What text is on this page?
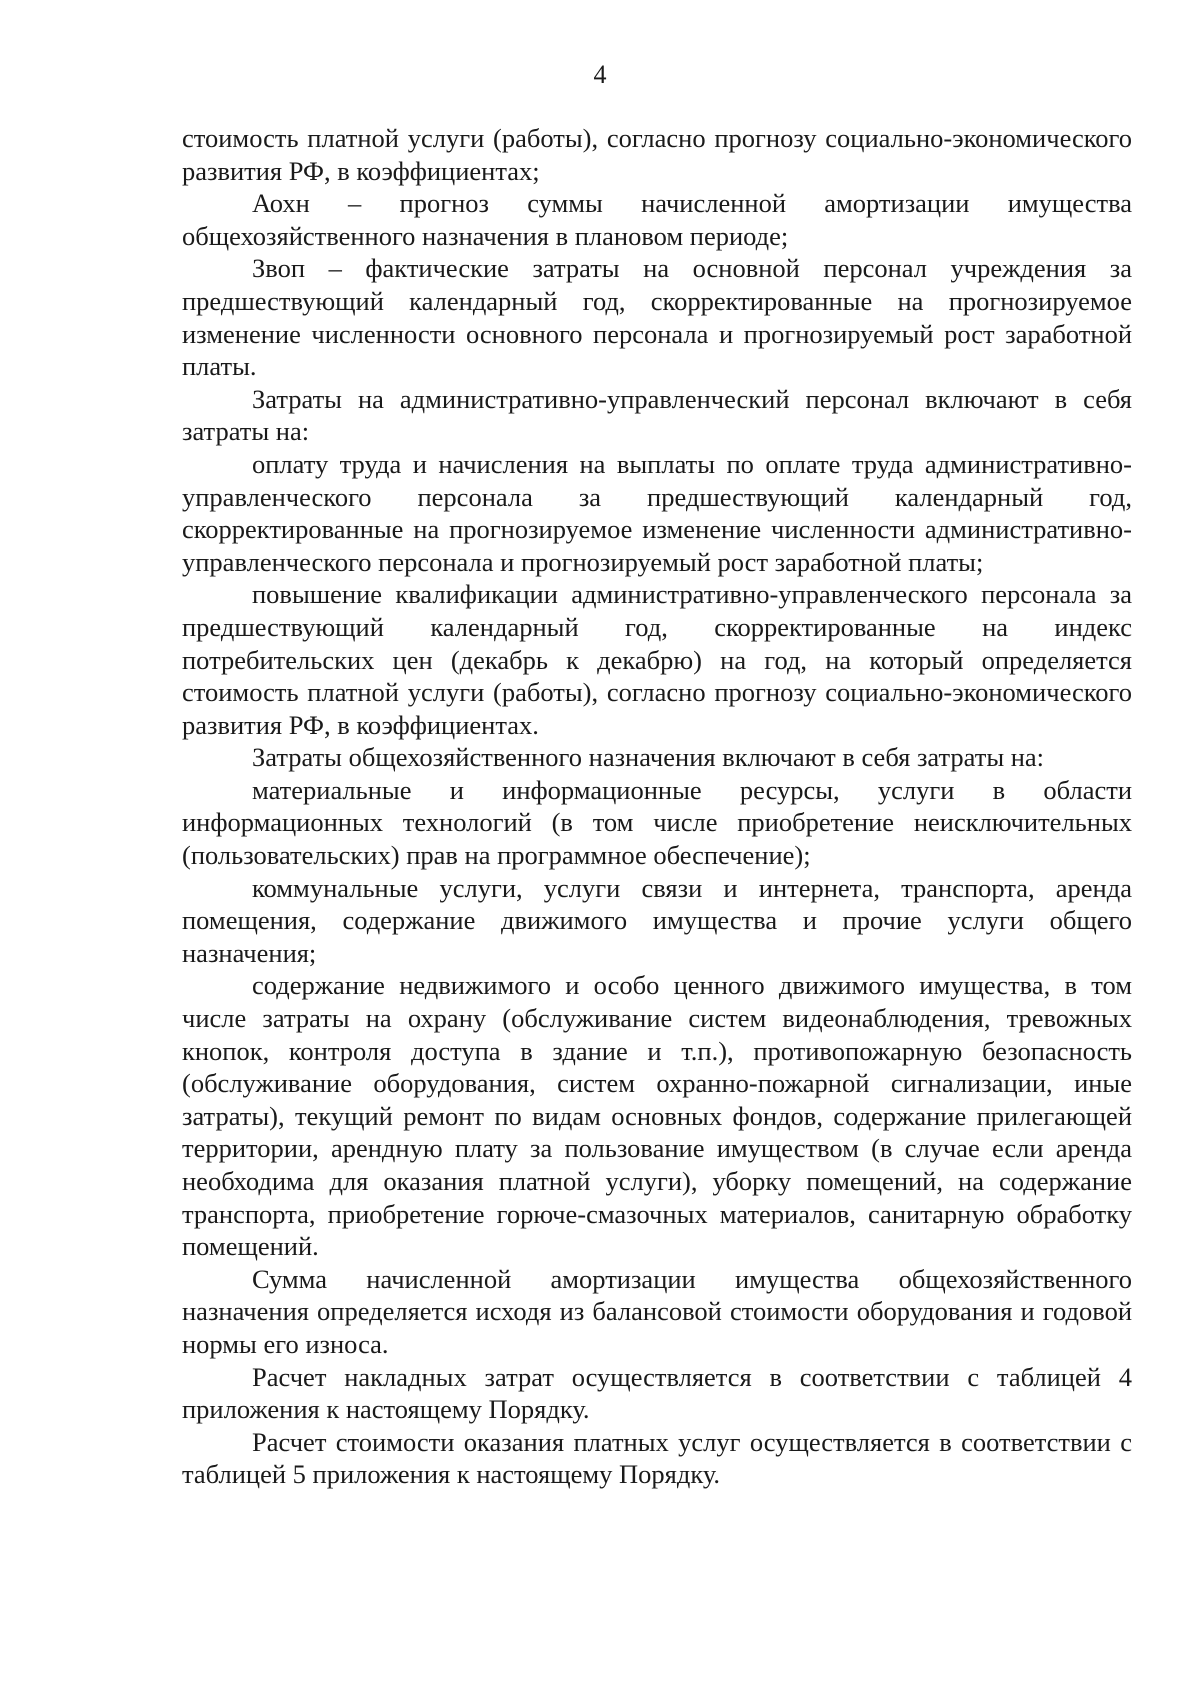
4

стоимость платной услуги (работы), согласно прогнозу социально-экономического развития РФ, в коэффициентах;

Аохн – прогноз суммы начисленной амортизации имущества общехозяйственного назначения в плановом периоде;

Звоп – фактические затраты на основной персонал учреждения за предшествующий календарный год, скорректированные на прогнозируемое изменение численности основного персонала и прогнозируемый рост заработной платы.

Затраты на административно-управленческий персонал включают в себя затраты на:

оплату труда и начисления на выплаты по оплате труда административно-управленческого персонала за предшествующий календарный год, скорректированные на прогнозируемое изменение численности административно-управленческого персонала и прогнозируемый рост заработной платы;

повышение квалификации административно-управленческого персонала за предшествующий календарный год, скорректированные на индекс потребительских цен (декабрь к декабрю) на год, на который определяется стоимость платной услуги (работы), согласно прогнозу социально-экономического развития РФ, в коэффициентах.

Затраты общехозяйственного назначения включают в себя затраты на:

материальные и информационные ресурсы, услуги в области информационных технологий (в том числе приобретение неисключительных (пользовательских) прав на программное обеспечение);

коммунальные услуги, услуги связи и интернета, транспорта, аренда помещения, содержание движимого имущества и прочие услуги общего назначения;

содержание недвижимого и особо ценного движимого имущества, в том числе затраты на охрану (обслуживание систем видеонаблюдения, тревожных кнопок, контроля доступа в здание и т.п.), противопожарную безопасность (обслуживание оборудования, систем охранно-пожарной сигнализации, иные затраты), текущий ремонт по видам основных фондов, содержание прилегающей территории, арендную плату за пользование имуществом (в случае если аренда необходима для оказания платной услуги), уборку помещений, на содержание транспорта, приобретение горюче-смазочных материалов, санитарную обработку помещений.

Сумма начисленной амортизации имущества общехозяйственного назначения определяется исходя из балансовой стоимости оборудования и годовой нормы его износа.

Расчет накладных затрат осуществляется в соответствии с таблицей 4 приложения к настоящему Порядку.

Расчет стоимости оказания платных услуг осуществляется в соответствии с таблицей 5 приложения к настоящему Порядку.
